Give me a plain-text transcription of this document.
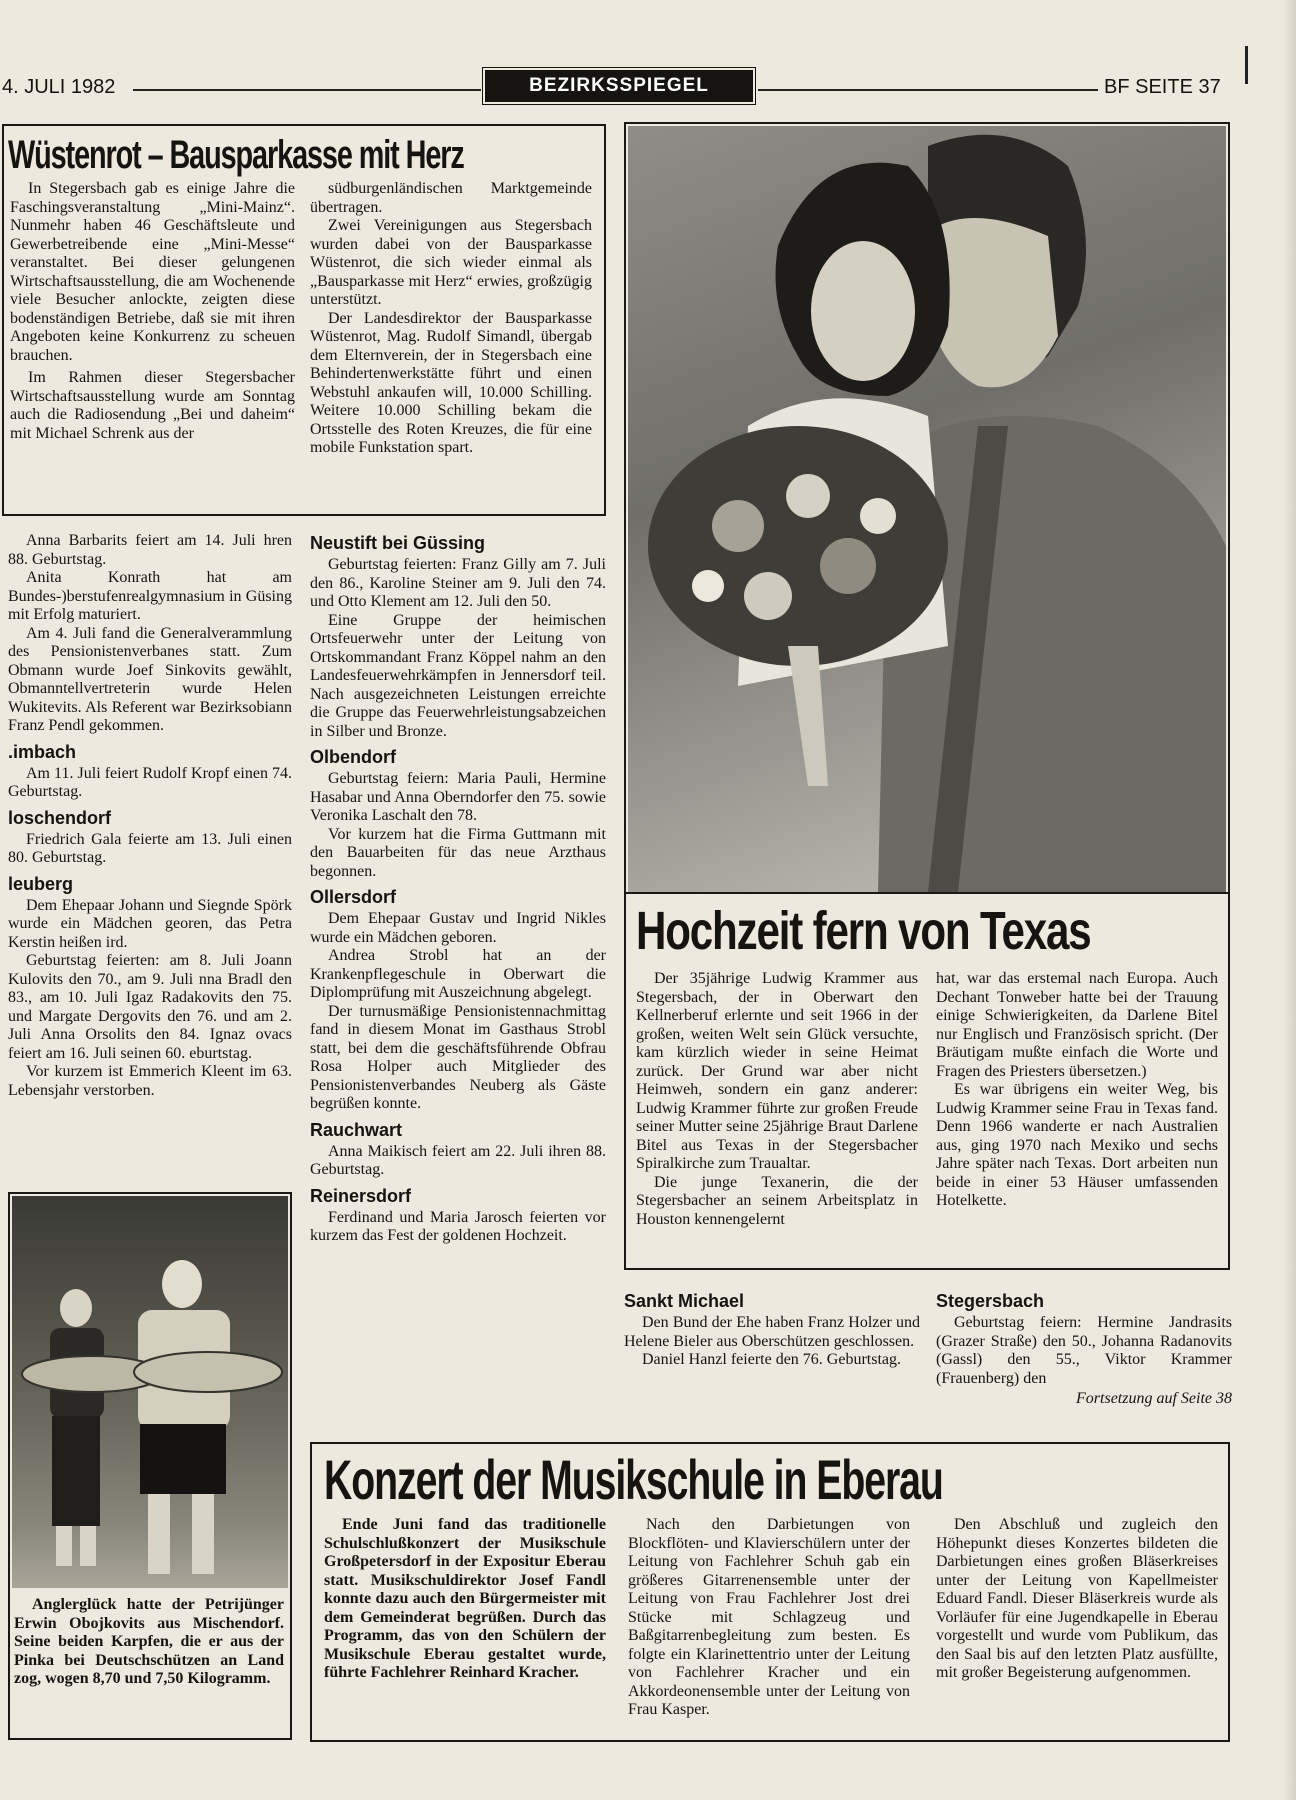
4. JULI 1982	BEZIRKSSPIEGEL	BF SEITE 37
Wüstenrot – Bausparkasse mit Herz

In Stegersbach gab es einige Jahre die Faschingsveranstaltung „Mini-Mainz“. Nunmehr haben 46 Geschäftsleute und Gewerbetreibende eine „Mini-Messe“ veranstaltet. Bei dieser gelungenen Wirtschaftsausstellung, die am Wochenende viele Besucher anlockte, zeigten diese bodenständigen Betriebe, daß sie mit ihren Angeboten keine Konkurrenz zu scheuen brauchen.

Im Rahmen dieser Stegersbacher Wirtschaftsausstellung wurde am Sonntag auch die Radiosendung „Bei und daheim“ mit Michael Schrenk aus der

südburgenländischen Marktgemeinde übertragen.

Zwei Vereinigungen aus Stegersbach wurden dabei von der Bausparkasse Wüstenrot, die sich wieder einmal als „Bausparkasse mit Herz“ erwies, großzügig unterstützt.

Der Landesdirektor der Bausparkasse Wüstenrot, Mag. Rudolf Simandl, übergab dem Elternverein, der in Stegersbach eine Behindertenwerkstätte führt und einen Webstuhl ankaufen will, 10.000 Schilling. Weitere 10.000 Schilling bekam die Ortsstelle des Roten Kreuzes, die für eine mobile Funkstation spart.

Anna Barbarits feiert am 14. Juli hren 88. Geburtstag.

Anita Konrath hat am Bundes-)berstufenrealgymnasium in Güsing mit Erfolg maturiert.

Am 4. Juli fand die Generalverammlung des Pensionistenverbanes statt. Zum Obmann wurde Joef Sinkovits gewählt, Obmanntellvertreterin wurde Helen Wukitevits. Als Referent war Bezirksobiann Franz Pendl gekommen.

.imbach

Am 11. Juli feiert Rudolf Kropf einen 74. Geburtstag.

loschendorf

Friedrich Gala feierte am 13. Juli einen 80. Geburtstag.

leuberg

Dem Ehepaar Johann und Siegnde Spörk wurde ein Mädchen georen, das Petra Kerstin heißen ird.

Geburtstag feierten: am 8. Juli Joann Kulovits den 70., am 9. Juli nna Bradl den 83., am 10. Juli Igaz Radakovits den 75. und Margate Dergovits den 76. und am 2. Juli Anna Orsolits den 84. Ignaz ovacs feiert am 16. Juli seinen 60. eburtstag.

Vor kurzem ist Emmerich Kleent im 63. Lebensjahr verstorben.

Anglerglück hatte der Petrijünger Erwin Obojkovits aus Mischendorf. Seine beiden Karpfen, die er aus der Pinka bei Deutschschützen an Land zog, wogen 8,70 und 7,50 Kilogramm.

Neustift bei Güssing

Geburtstag feierten: Franz Gilly am 7. Juli den 86., Karoline Steiner am 9. Juli den 74. und Otto Klement am 12. Juli den 50.

Eine Gruppe der heimischen Ortsfeuerwehr unter der Leitung von Ortskommandant Franz Köppel nahm an den Landesfeuerwehrkämpfen in Jennersdorf teil. Nach ausgezeichneten Leistungen erreichte die Gruppe das Feuerwehrleistungsabzeichen in Silber und Bronze.

Olbendorf

Geburtstag feiern: Maria Pauli, Hermine Hasabar und Anna Oberndorfer den 75. sowie Veronika Laschalt den 78.

Vor kurzem hat die Firma Guttmann mit den Bauarbeiten für das neue Arzthaus begonnen.

Ollersdorf

Dem Ehepaar Gustav und Ingrid Nikles wurde ein Mädchen geboren.

Andrea Strobl hat an der Krankenpflegeschule in Oberwart die Diplomprüfung mit Auszeichnung abgelegt.

Der turnusmäßige Pensionistennachmittag fand in diesem Monat im Gasthaus Strobl statt, bei dem die geschäftsführende Obfrau Rosa Holper auch Mitglieder des Pensionistenverbandes Neuberg als Gäste begrüßen konnte.

Rauchwart

Anna Maikisch feiert am 22. Juli ihren 88. Geburtstag.

Reinersdorf

Ferdinand und Maria Jarosch feierten vor kurzem das Fest der goldenen Hochzeit.

Hochzeit fern von Texas

Der 35jährige Ludwig Krammer aus Stegersbach, der in Oberwart den Kellnerberuf erlernte und seit 1966 in der großen, weiten Welt sein Glück versuchte, kam kürzlich wieder in seine Heimat zurück. Der Grund war aber nicht Heimweh, sondern ein ganz anderer: Ludwig Krammer führte zur großen Freude seiner Mutter seine 25jährige Braut Darlene Bitel aus Texas in der Stegersbacher Spiralkirche zum Traualtar.

Die junge Texanerin, die der Stegersbacher an seinem Arbeitsplatz in Houston kennengelernt

hat, war das erstemal nach Europa. Auch Dechant Tonweber hatte bei der Trauung einige Schwierigkeiten, da Darlene Bitel nur Englisch und Französisch spricht. (Der Bräutigam mußte einfach die Worte und Fragen des Priesters übersetzen.)

Es war übrigens ein weiter Weg, bis Ludwig Krammer seine Frau in Texas fand. Denn 1966 wanderte er nach Australien aus, ging 1970 nach Mexiko und sechs Jahre später nach Texas. Dort arbeiten nun beide in einer 53 Häuser umfassenden Hotelkette.

Sankt Michael

Den Bund der Ehe haben Franz Holzer und Helene Bieler aus Oberschützen geschlossen.

Daniel Hanzl feierte den 76. Geburtstag.

Stegersbach

Geburtstag feiern: Hermine Jandrasits (Grazer Straße) den 50., Johanna Radanovits (Gassl) den 55., Viktor Krammer (Frauenberg) den

Fortsetzung auf Seite 38
Konzert der Musikschule in Eberau

Ende Juni fand das traditionelle Schulschlußkonzert der Musikschule Großpetersdorf in der Expositur Eberau statt. Musikschuldirektor Josef Fandl konnte dazu auch den Bürgermeister mit dem Gemeinderat begrüßen. Durch das Programm, das von den Schülern der Musikschule Eberau gestaltet wurde, führte Fachlehrer Reinhard Kracher.

Nach den Darbietungen von Blockflöten- und Klavierschülern unter der Leitung von Fachlehrer Schuh gab ein größeres Gitarrenensemble unter der Leitung von Frau Fachlehrer Jost drei Stücke mit Schlagzeug und Baßgitarrenbegleitung zum besten. Es folgte ein Klarinettentrio unter der Leitung von Fachlehrer Kracher und ein Akkordeonensemble unter der Leitung von Frau Kasper.

Den Abschluß und zugleich den Höhepunkt dieses Konzertes bildeten die Darbietungen eines großen Bläserkreises unter der Leitung von Kapellmeister Eduard Fandl. Dieser Bläserkreis wurde als Vorläufer für eine Jugendkapelle in Eberau vorgestellt und wurde vom Publikum, das den Saal bis auf den letzten Platz ausfüllte, mit großer Begeisterung aufgenommen.
